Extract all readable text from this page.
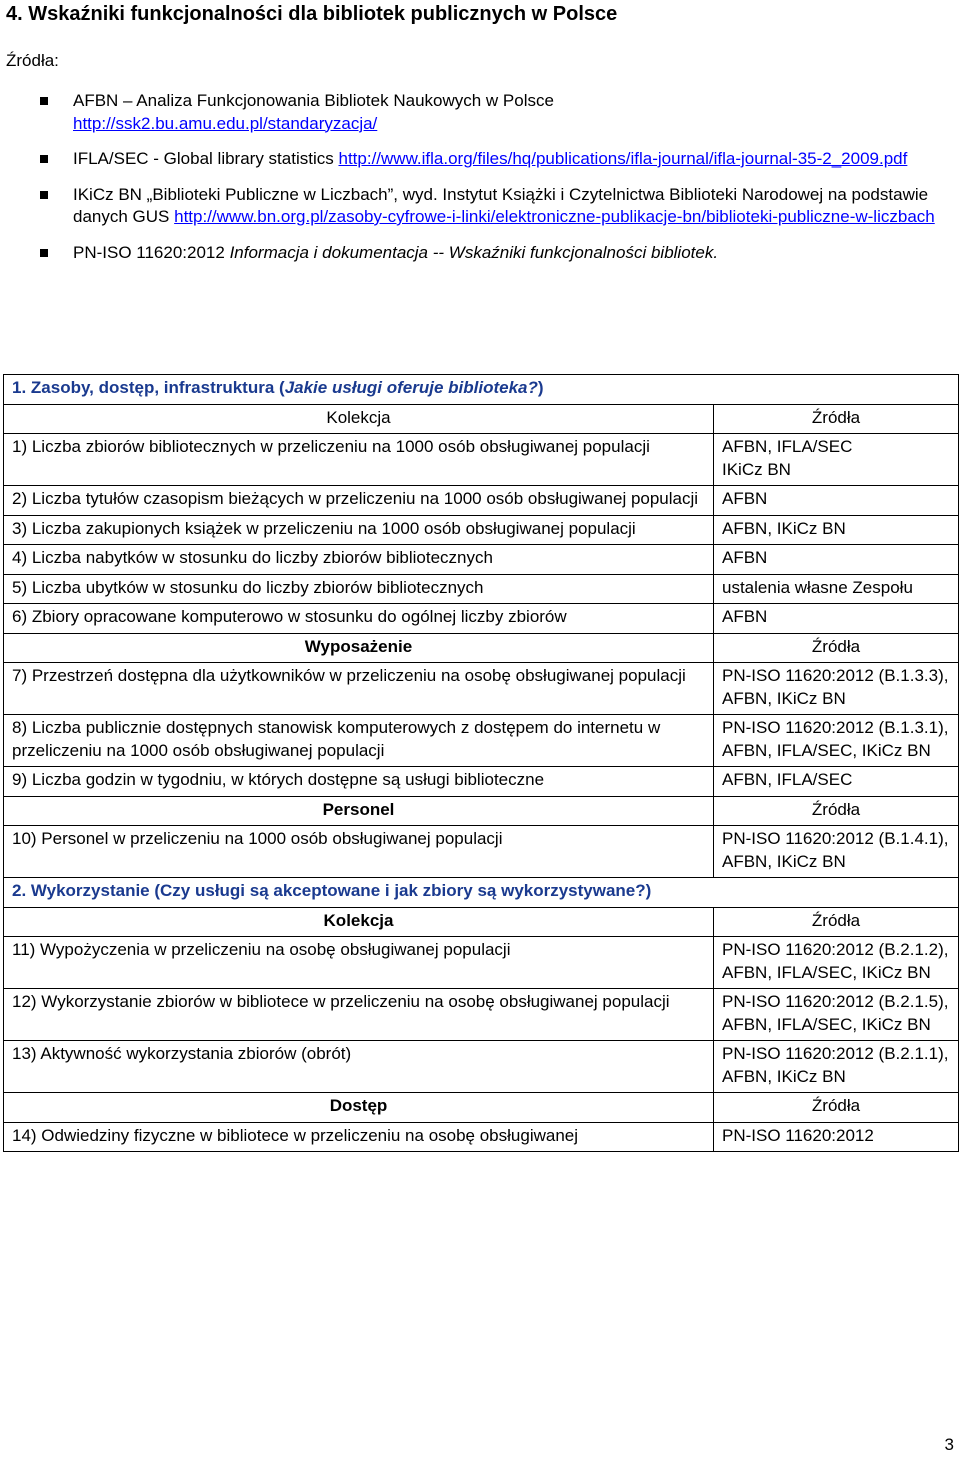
4. Wskaźniki funkcjonalności dla bibliotek publicznych w Polsce
Źródła:
AFBN – Analiza Funkcjonowania Bibliotek Naukowych w Polsce
http://ssk2.bu.amu.edu.pl/standaryzacja/
IFLA/SEC - Global library statistics http://www.ifla.org/files/hq/publications/ifla-journal/ifla-journal-35-2_2009.pdf
IKiCz BN „Biblioteki Publiczne w Liczbach”, wyd. Instytut Książki i Czytelnictwa Biblioteki Narodowej na podstawie danych GUS http://www.bn.org.pl/zasoby-cyfrowe-i-linki/elektroniczne-publikacje-bn/biblioteki-publiczne-w-liczbach
PN-ISO 11620:2012 Informacja i dokumentacja -- Wskaźniki funkcjonalności bibliotek.
1. Zasoby, dostęp, infrastruktura (Jakie usługi oferuje biblioteka?)	
Kolekcja	Źródła
1) Liczba zbiorów bibliotecznych w przeliczeniu na 1000 osób obsługiwanej populacji	AFBN, IFLA/SEC
IKiCz BN
2) Liczba tytułów czasopism bieżących w przeliczeniu na 1000 osób obsługiwanej populacji	AFBN
3) Liczba zakupionych książek w przeliczeniu na 1000 osób obsługiwanej populacji	AFBN, IKiCz BN
4) Liczba nabytków w stosunku do liczby zbiorów bibliotecznych	AFBN
5) Liczba ubytków w stosunku do liczby zbiorów bibliotecznych	ustalenia własne Zespołu
6) Zbiory opracowane komputerowo w stosunku do ogólnej liczby zbiorów	AFBN
Wyposażenie	Źródła
7) Przestrzeń dostępna dla użytkowników w przeliczeniu na osobę obsługiwanej populacji	PN-ISO 11620:2012 (B.1.3.3), AFBN, IKiCz BN
8) Liczba publicznie dostępnych stanowisk komputerowych z dostępem do internetu w przeliczeniu na 1000 osób obsługiwanej populacji	PN-ISO 11620:2012 (B.1.3.1), AFBN, IFLA/SEC, IKiCz BN
9) Liczba godzin w tygodniu, w których dostępne są usługi biblioteczne	AFBN, IFLA/SEC
Personel	Źródła
10) Personel w przeliczeniu na 1000 osób obsługiwanej populacji	PN-ISO 11620:2012 (B.1.4.1), AFBN, IKiCz BN
2. Wykorzystanie (Czy usługi są akceptowane i jak zbiory są wykorzystywane?)	
Kolekcja	Źródła
11) Wypożyczenia w przeliczeniu na osobę obsługiwanej populacji	PN-ISO 11620:2012 (B.2.1.2), AFBN, IFLA/SEC, IKiCz BN
12) Wykorzystanie zbiorów w bibliotece w przeliczeniu na osobę obsługiwanej populacji	PN-ISO 11620:2012 (B.2.1.5), AFBN, IFLA/SEC, IKiCz BN
13) Aktywność wykorzystania zbiorów (obrót)	PN-ISO 11620:2012 (B.2.1.1), AFBN, IKiCz BN
Dostęp	Źródła
14) Odwiedziny fizyczne w bibliotece w przeliczeniu na osobę obsługiwanej	PN-ISO 11620:2012
3
